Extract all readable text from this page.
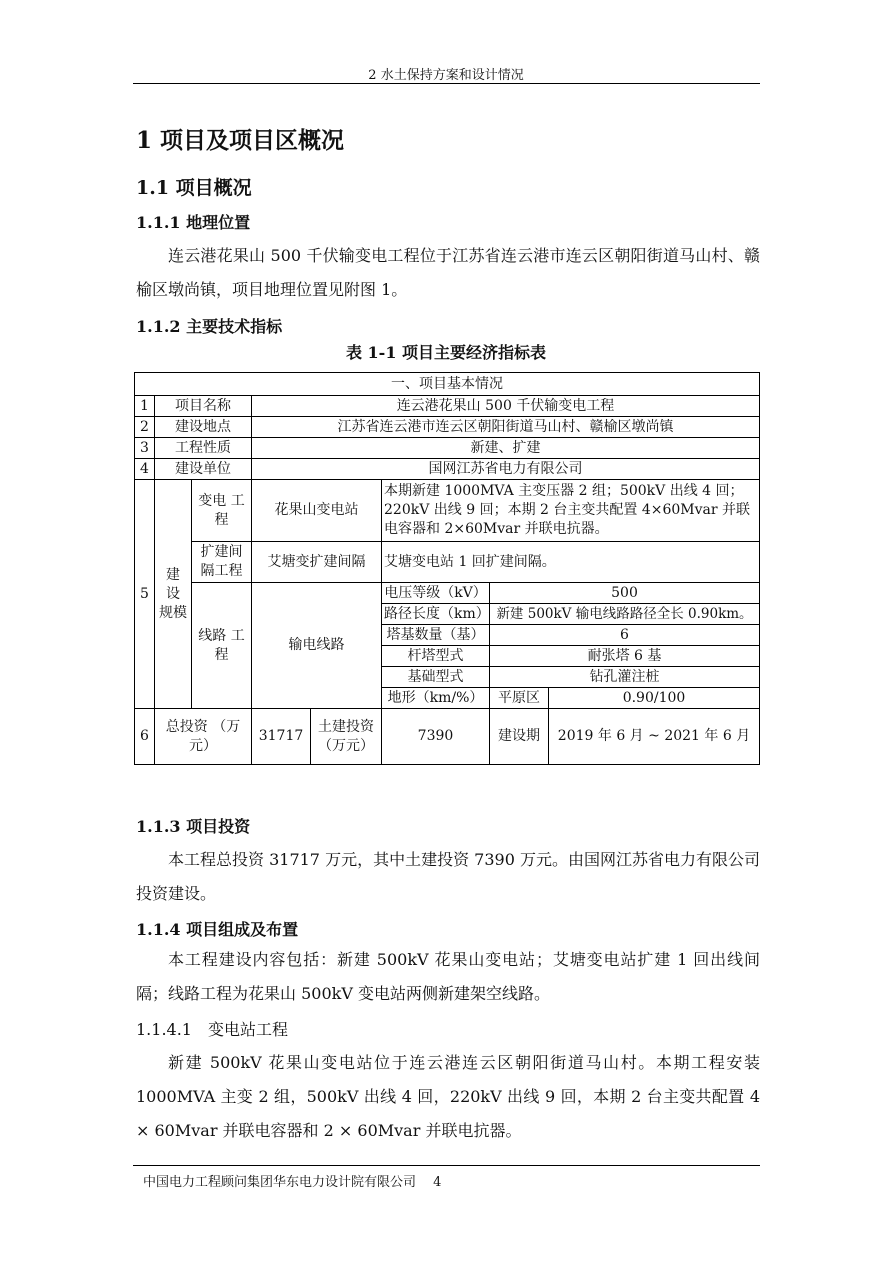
2 水土保持方案和设计情况
1 项目及项目区概况
1.1 项目概况
1.1.1 地理位置
连云港花果山 500 千伏输变电工程位于江苏省连云港市连云区朝阳街道马山村、赣榆区墩尚镇，项目地理位置见附图 1。
1.1.2 主要技术指标
表 1-1 项目主要经济指标表
一、项目基本情况							
1	项目名称		连云港花果山 500 千伏输变电工程				
2	建设地点		江苏省连云港市连云区朝阳街道马山村、赣榆区墩尚镇				
3	工程性质		新建、扩建				
4	建设单位		国网江苏省电力有限公司				
5	建 设 规模	变电 工程	花果山变电站		本期新建 1000MVA 主变压器 2 组；500kV 出线 4 回；220kV 出线 9 回；本期 2 台主变共配置 4×60Mvar 并联电容器和 2×60Mvar 并联电抗器。		
		扩建间 隔工程	艾塘变扩建间隔		艾塘变电站 1 回扩建间隔。		
		线路 工程	输电线路		电压等级（kV）	500	
					路径长度（km）	新建 500kV 输电线路路径全长 0.90km。	
					塔基数量（基）	6	
					杆塔型式	耐张塔 6 基	
					基础型式	钻孔灌注桩	
					地形（km/%）	平原区	0.90/100
6	总投资 （万元）		31717	土建投资 （万元）	7390	建设期	2019 年 6 月 ~ 2021 年 6 月
1.1.3 项目投资
本工程总投资 31717 万元，其中土建投资 7390 万元。由国网江苏省电力有限公司投资建设。
1.1.4 项目组成及布置
本工程建设内容包括：新建 500kV 花果山变电站；艾塘变电站扩建 1 回出线间隔；线路工程为花果山 500kV 变电站两侧新建架空线路。
1.1.4.1　变电站工程
新建 500kV 花果山变电站位于连云港连云区朝阳街道马山村。本期工程安装 1000MVA 主变 2 组，500kV 出线 4 回，220kV 出线 9 回，本期 2 台主变共配置 4 × 60Mvar 并联电容器和 2 × 60Mvar 并联电抗器。
中国电力工程顾问集团华东电力设计院有限公司　 4
